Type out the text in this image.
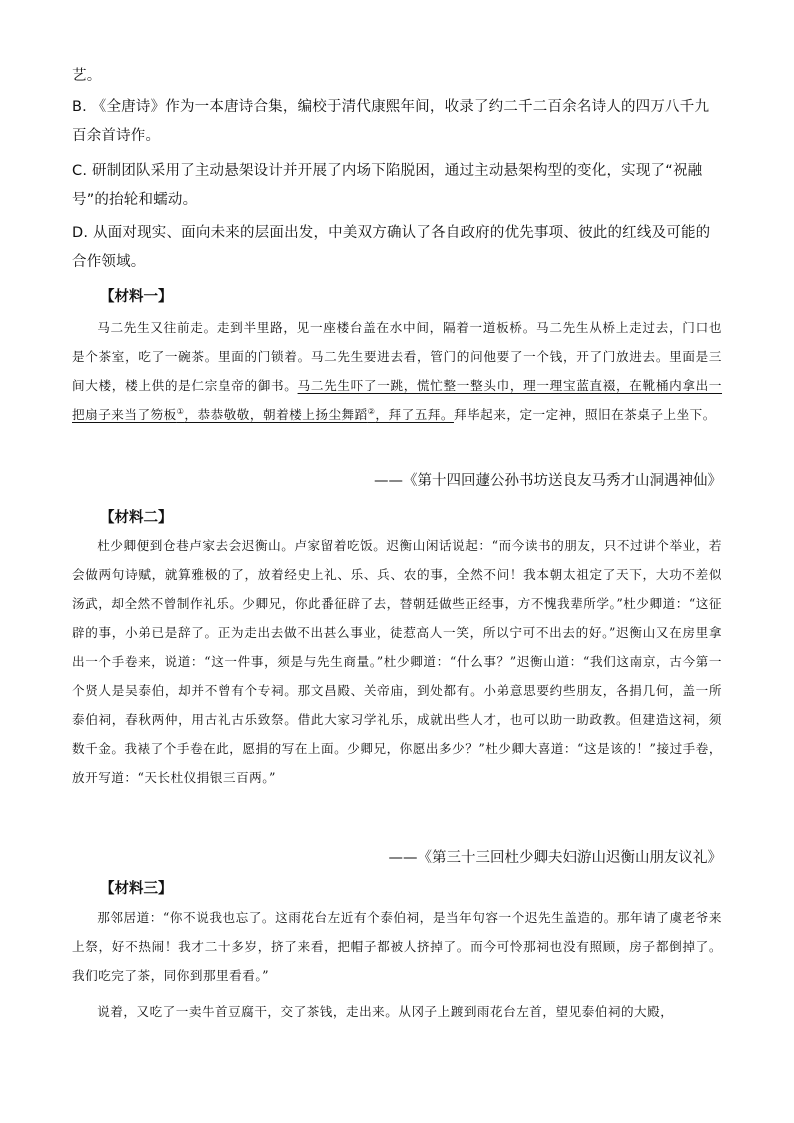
艺。

B. 《全唐诗》作为一本唐诗合集，编校于清代康熙年间，收录了约二千二百余名诗人的四万八千九百余首诗作。

C. 研制团队采用了主动悬架设计并开展了内场下陷脱困，通过主动悬架构型的变化，实现了“祝融号”的抬轮和蠕动。

D. 从面对现实、面向未来的层面出发，中美双方确认了各自政府的优先事项、彼此的红线及可能的合作领域。

【材料一】

马二先生又往前走。走到半里路，见一座楼台盖在水中间，隔着一道板桥。马二先生从桥上走过去，门口也是个茶室，吃了一碗茶。里面的门锁着。马二先生要进去看，管门的问他要了一个钱，开了门放进去。里面是三间大楼，楼上供的是仁宗皇帝的御书。马二先生吓了一跳，慌忙整一整头巾，理一理宝蓝直裰，在靴桶内拿出一把扇子来当了笏板①，恭恭敬敬，朝着楼上扬尘舞蹈②，拜了五拜。拜毕起来，定一定神，照旧在茶桌子上坐下。

——《第十四回蘧公孙书坊送良友马秀才山洞遇神仙》

【材料二】

杜少卿便到仓巷卢家去会迟衡山。卢家留着吃饭。迟衡山闲话说起：“而今读书的朋友，只不过讲个举业，若会做两句诗赋，就算雅极的了，放着经史上礼、乐、兵、农的事，全然不问！我本朝太祖定了天下，大功不差似汤武，却全然不曾制作礼乐。少卿兄，你此番征辟了去，替朝廷做些正经事，方不愧我辈所学。”杜少卿道：“这征辟的事，小弟已是辞了。正为走出去做不出甚么事业，徒惹高人一笑，所以宁可不出去的好。”迟衡山又在房里拿出一个手卷来，说道：“这一件事，须是与先生商量。”杜少卿道：“什么事？”迟衡山道：“我们这南京，古今第一个贤人是吴泰伯，却并不曾有个专祠。那文昌殿、关帝庙，到处都有。小弟意思要约些朋友，各捐几何，盖一所泰伯祠，春秋两仲，用古礼古乐致祭。借此大家习学礼乐，成就出些人才，也可以助一助政教。但建造这祠，须数千金。我裱了个手卷在此，愿捐的写在上面。少卿兄，你愿出多少？”杜少卿大喜道：“这是该的！”接过手卷，放开写道：“天长杜仪捐银三百两。”

——《第三十三回杜少卿夫妇游山迟衡山朋友议礼》

【材料三】

那邻居道：“你不说我也忘了。这雨花台左近有个泰伯祠，是当年句容一个迟先生盖造的。那年请了虞老爷来上祭，好不热闹！我才二十多岁，挤了来看，把帽子都被人挤掉了。而今可怜那祠也没有照顾，房子都倒掉了。我们吃完了茶，同你到那里看看。”

说着，又吃了一卖牛首豆腐干，交了茶钱，走出来。从冈子上踱到雨花台左首，望见泰伯祠的大殿，
